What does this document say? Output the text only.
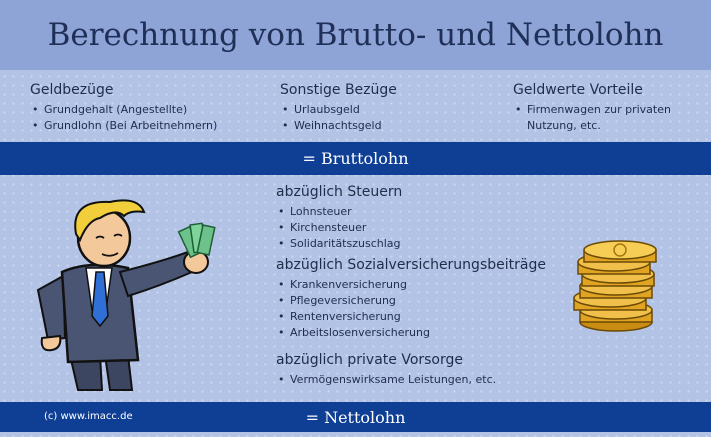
Berechnung von Brutto- und Nettolohn
Geldbezüge
• Grundgehalt (Angestellte)
• Grundlohn (Bei Arbeitnehmern)
Sonstige Bezüge
• Urlaubsgeld
• Weihnachtsgeld
Geldwerte Vorteile
• Firmenwagen zur privaten Nutzung, etc.
= Bruttolohn
abzüglich Steuern
• Lohnsteuer
• Kirchensteuer
• Solidaritätszuschlag
abzüglich Sozialversicherungsbeiträge
• Krankenversicherung
• Pflegeversicherung
• Rentenversicherung
• Arbeitslosenversicherung
abzüglich private Vorsorge
• Vermögenswirksame Leistungen, etc.
(c) www.imacc.de	= Nettolohn
